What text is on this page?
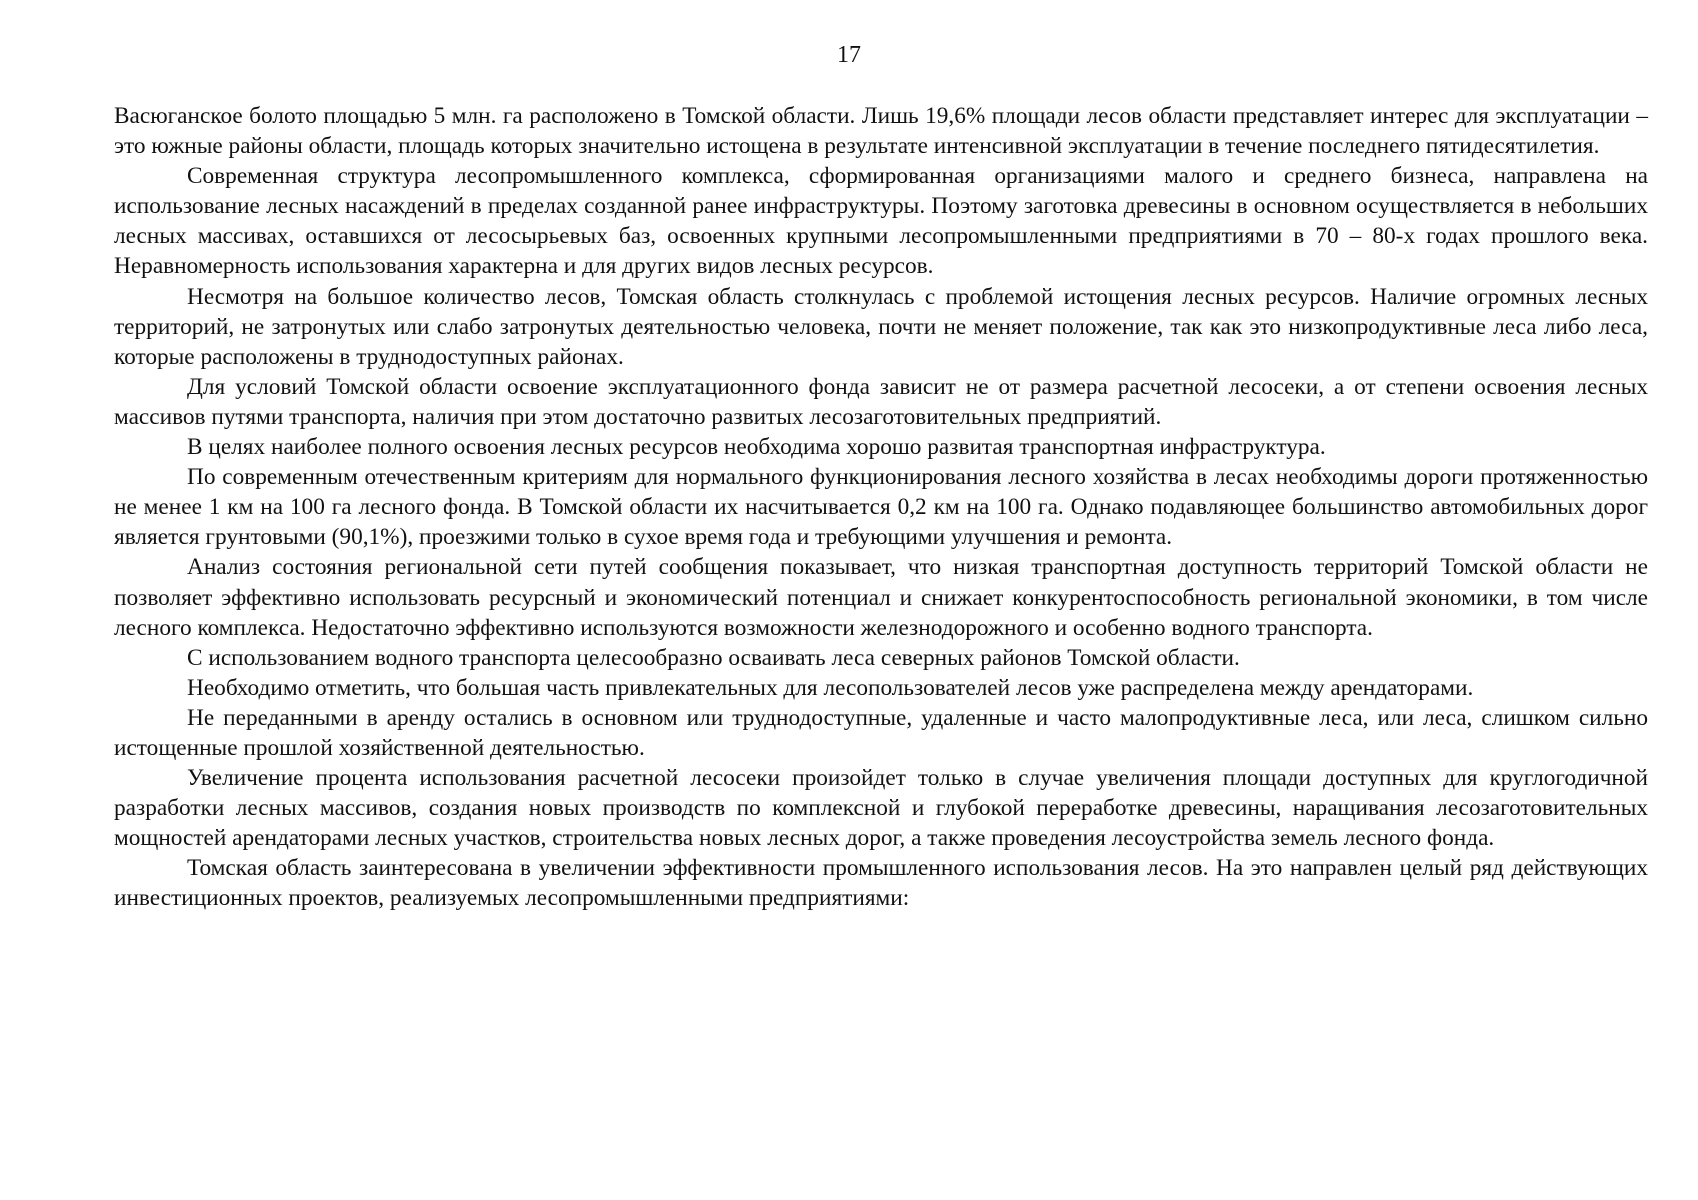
17

Васюганское болото площадью 5 млн. га расположено в Томской области. Лишь 19,6% площади лесов области представляет интерес для эксплуатации – это южные районы области, площадь которых значительно истощена в результате интенсивной эксплуатации в течение последнего пятидесятилетия.

Современная структура лесопромышленного комплекса, сформированная организациями малого и среднего бизнеса, направлена на использование лесных насаждений в пределах созданной ранее инфраструктуры. Поэтому заготовка древесины в основном осуществляется в небольших лесных массивах, оставшихся от лесосырьевых баз, освоенных крупными лесопромышленными предприятиями в 70 – 80-х годах прошлого века. Неравномерность использования характерна и для других видов лесных ресурсов.

Несмотря на большое количество лесов, Томская область столкнулась с проблемой истощения лесных ресурсов. Наличие огромных лесных территорий, не затронутых или слабо затронутых деятельностью человека, почти не меняет положение, так как это низкопродуктивные леса либо леса, которые расположены в труднодоступных районах.

Для условий Томской области освоение эксплуатационного фонда зависит не от размера расчетной лесосеки, а от степени освоения лесных массивов путями транспорта, наличия при этом достаточно развитых лесозаготовительных предприятий.

В целях наиболее полного освоения лесных ресурсов необходима хорошо развитая транспортная инфраструктура.

По современным отечественным критериям для нормального функционирования лесного хозяйства в лесах необходимы дороги протяженностью не менее 1 км на 100 га лесного фонда. В Томской области их насчитывается 0,2 км на 100 га. Однако подавляющее большинство автомобильных дорог является грунтовыми (90,1%), проезжими только в сухое время года и требующими улучшения и ремонта.

Анализ состояния региональной сети путей сообщения показывает, что низкая транспортная доступность территорий Томской области не позволяет эффективно использовать ресурсный и экономический потенциал и снижает конкурентоспособность региональной экономики, в том числе лесного комплекса. Недостаточно эффективно используются возможности железнодорожного и особенно водного транспорта.

С использованием водного транспорта целесообразно осваивать леса северных районов Томской области.

Необходимо отметить, что большая часть привлекательных для лесопользователей лесов уже распределена между арендаторами.

Не переданными в аренду остались в основном или труднодоступные, удаленные и часто малопродуктивные леса, или леса, слишком сильно истощенные прошлой хозяйственной деятельностью.

Увеличение процента использования расчетной лесосеки произойдет только в случае увеличения площади доступных для круглогодичной разработки лесных массивов, создания новых производств по комплексной и глубокой переработке древесины, наращивания лесозаготовительных мощностей арендаторами лесных участков, строительства новых лесных дорог, а также проведения лесоустройства земель лесного фонда.

Томская область заинтересована в увеличении эффективности промышленного использования лесов. На это направлен целый ряд действующих инвестиционных проектов, реализуемых лесопромышленными предприятиями:
